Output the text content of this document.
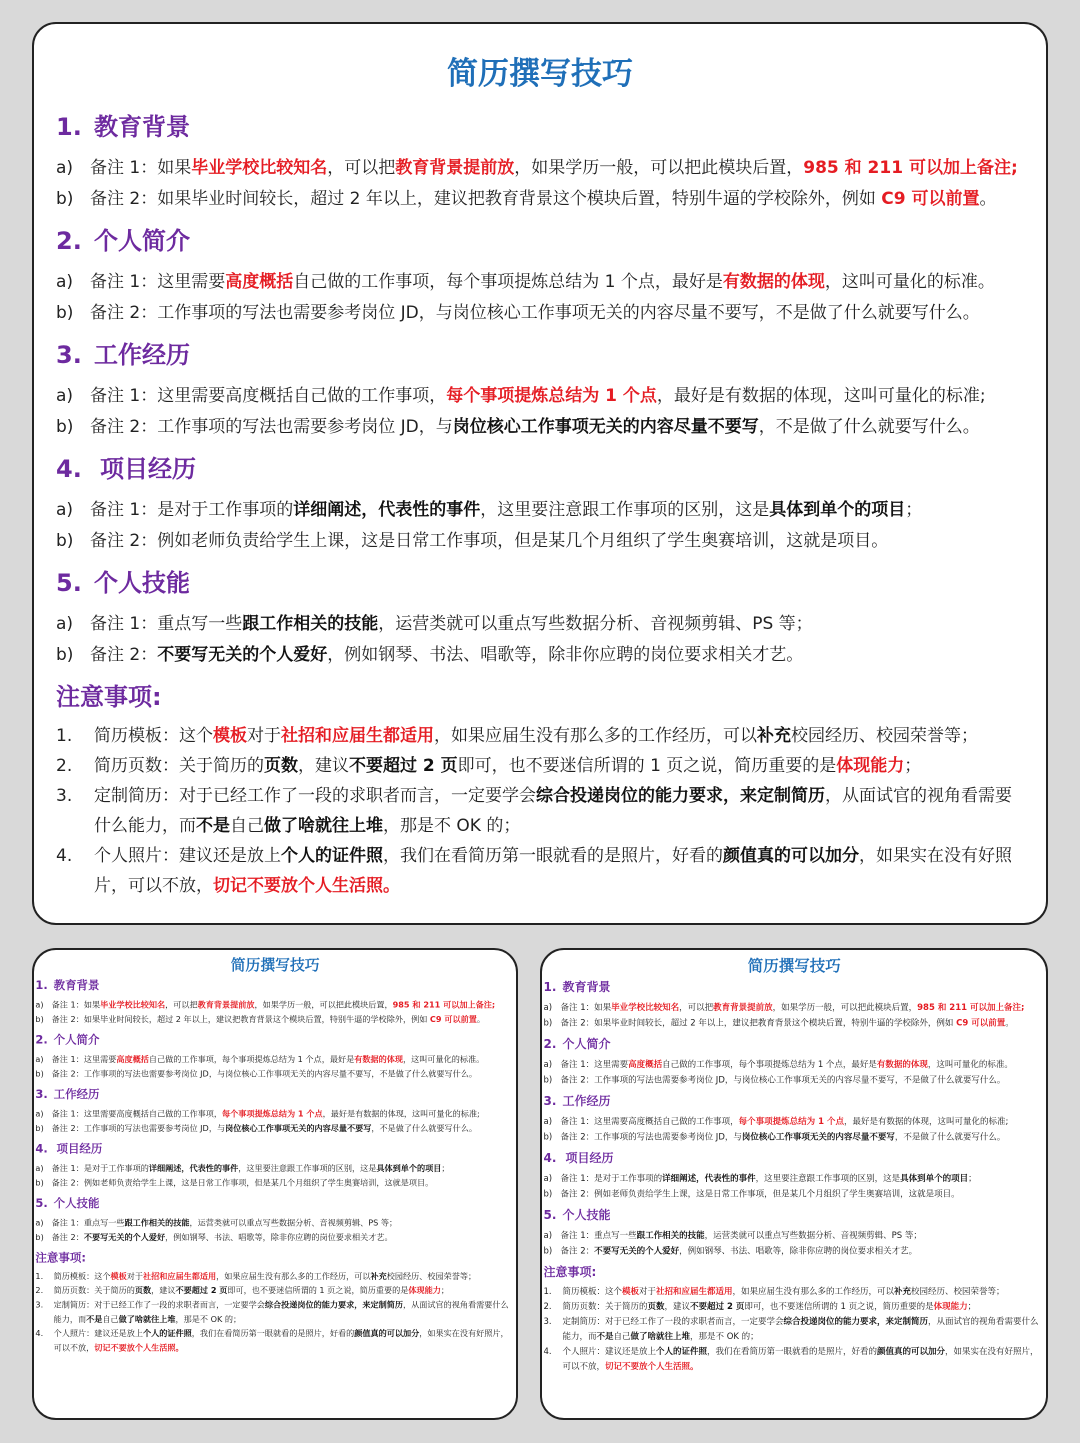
简历撰写技巧
1. 教育背景
a) 备注 1：如果毕业学校比较知名，可以把教育背景提前放，如果学历一般，可以把此模块后置，985 和 211 可以加上备注;
b) 备注 2：如果毕业时间较长，超过 2 年以上，建议把教育背景这个模块后置，特别牛逼的学校除外，例如 C9 可以前置。
2. 个人简介
a) 备注 1：这里需要高度概括自己做的工作事项，每个事项提炼总结为 1 个点，最好是有数据的体现，这叫可量化的标准。
b) 备注 2：工作事项的写法也需要参考岗位 JD，与岗位核心工作事项无关的内容尽量不要写，不是做了什么就要写什么。
3. 工作经历
a) 备注 1：这里需要高度概括自己做的工作事项，每个事项提炼总结为 1 个点，最好是有数据的体现，这叫可量化的标准;
b) 备注 2：工作事项的写法也需要参考岗位 JD，与岗位核心工作事项无关的内容尽量不要写，不是做了什么就要写什么。
4. 项目经历
a) 备注 1：是对于工作事项的详细阐述，代表性的事件，这里要注意跟工作事项的区别，这是具体到单个的项目；
b) 备注 2：例如老师负责给学生上课，这是日常工作事项，但是某几个月组织了学生奥赛培训，这就是项目。
5. 个人技能
a) 备注 1：重点写一些跟工作相关的技能，运营类就可以重点写些数据分析、音视频剪辑、PS 等；
b) 备注 2：不要写无关的个人爱好，例如钢琴、书法、唱歌等，除非你应聘的岗位要求相关才艺。
注意事项:
1.	简历模板：这个模板对于社招和应届生都适用，如果应届生没有那么多的工作经历，可以补充校园经历、校园荣誉等；
2.	简历页数：关于简历的页数，建议不要超过 2 页即可，也不要迷信所谓的 1 页之说，简历重要的是体现能力；
3.	定制简历：对于已经工作了一段的求职者而言，一定要学会综合投递岗位的能力要求，来定制简历，从面试官的视角看需要什么能力，而不是自己做了啥就往上堆，那是不 OK 的；
4.	个人照片：建议还是放上个人的证件照，我们在看简历第一眼就看的是照片，好看的颜值真的可以加分，如果实在没有好照片，可以不放，切记不要放个人生活照。
简历撰写技巧
1. 教育背景
a) 备注 1：如果毕业学校比较知名，可以把教育背景提前放，如果学历一般，可以把此模块后置，985 和 211 可以加上备注;
b) 备注 2：如果毕业时间较长，超过 2 年以上，建议把教育背景这个模块后置，特别牛逼的学校除外，例如 C9 可以前置。
2. 个人简介
a) 备注 1：这里需要高度概括自己做的工作事项，每个事项提炼总结为 1 个点，最好是有数据的体现，这叫可量化的标准。
b) 备注 2：工作事项的写法也需要参考岗位 JD，与岗位核心工作事项无关的内容尽量不要写，不是做了什么就要写什么。
3. 工作经历
a) 备注 1：这里需要高度概括自己做的工作事项，每个事项提炼总结为 1 个点，最好是有数据的体现，这叫可量化的标准;
b) 备注 2：工作事项的写法也需要参考岗位 JD，与岗位核心工作事项无关的内容尽量不要写，不是做了什么就要写什么。
4. 项目经历
a) 备注 1：是对于工作事项的详细阐述，代表性的事件，这里要注意跟工作事项的区别，这是具体到单个的项目；
b) 备注 2：例如老师负责给学生上课，这是日常工作事项，但是某几个月组织了学生奥赛培训，这就是项目。
5. 个人技能
a) 备注 1：重点写一些跟工作相关的技能，运营类就可以重点写些数据分析、音视频剪辑、PS 等；
b) 备注 2：不要写无关的个人爱好，例如钢琴、书法、唱歌等，除非你应聘的岗位要求相关才艺。
注意事项:
1. 简历模板：这个模板对于社招和应届生都适用，如果应届生没有那么多的工作经历，可以补充校园经历、校园荣誉等；
2. 简历页数：关于简历的页数，建议不要超过 2 页即可，也不要迷信所谓的 1 页之说，简历重要的是体现能力；
3. 定制简历：对于已经工作了一段的求职者而言，一定要学会综合投递岗位的能力要求，来定制简历，从面试官的视角看需要什么能力，而不是自己做了啥就往上堆，那是不 OK 的；
4. 个人照片：建议还是放上个人的证件照，我们在看简历第一眼就看的是照片，好看的颜值真的可以加分，如果实在没有好照片，可以不放，切记不要放个人生活照。
简历撰写技巧
1. 教育背景
a) 备注 1：如果毕业学校比较知名，可以把教育背景提前放，如果学历一般，可以把此模块后置，985 和 211 可以加上备注;
b) 备注 2：如果毕业时间较长，超过 2 年以上，建议把教育背景这个模块后置，特别牛逼的学校除外，例如 C9 可以前置。
2. 个人简介
a) 备注 1：这里需要高度概括自己做的工作事项，每个事项提炼总结为 1 个点，最好是有数据的体现，这叫可量化的标准。
b) 备注 2：工作事项的写法也需要参考岗位 JD，与岗位核心工作事项无关的内容尽量不要写，不是做了什么就要写什么。
3. 工作经历
a) 备注 1：这里需要高度概括自己做的工作事项，每个事项提炼总结为 1 个点，最好是有数据的体现，这叫可量化的标准;
b) 备注 2：工作事项的写法也需要参考岗位 JD，与岗位核心工作事项无关的内容尽量不要写，不是做了什么就要写什么。
4. 项目经历
a) 备注 1：是对于工作事项的详细阐述，代表性的事件，这里要注意跟工作事项的区别，这是具体到单个的项目；
b) 备注 2：例如老师负责给学生上课，这是日常工作事项，但是某几个月组织了学生奥赛培训，这就是项目。
5. 个人技能
a) 备注 1：重点写一些跟工作相关的技能，运营类就可以重点写些数据分析、音视频剪辑、PS 等；
b) 备注 2：不要写无关的个人爱好，例如钢琴、书法、唱歌等，除非你应聘的岗位要求相关才艺。
注意事项:
1. 简历模板：这个模板对于社招和应届生都适用，如果应届生没有那么多的工作经历，可以补充校园经历、校园荣誉等；
2. 简历页数：关于简历的页数，建议不要超过 2 页即可，也不要迷信所谓的 1 页之说，简历重要的是体现能力；
3. 定制简历：对于已经工作了一段的求职者而言，一定要学会综合投递岗位的能力要求，来定制简历，从面试官的视角看需要什么能力，而不是自己做了啥就往上堆，那是不 OK 的；
4. 个人照片：建议还是放上个人的证件照，我们在看简历第一眼就看的是照片，好看的颜值真的可以加分，如果实在没有好照片，可以不放，切记不要放个人生活照。
